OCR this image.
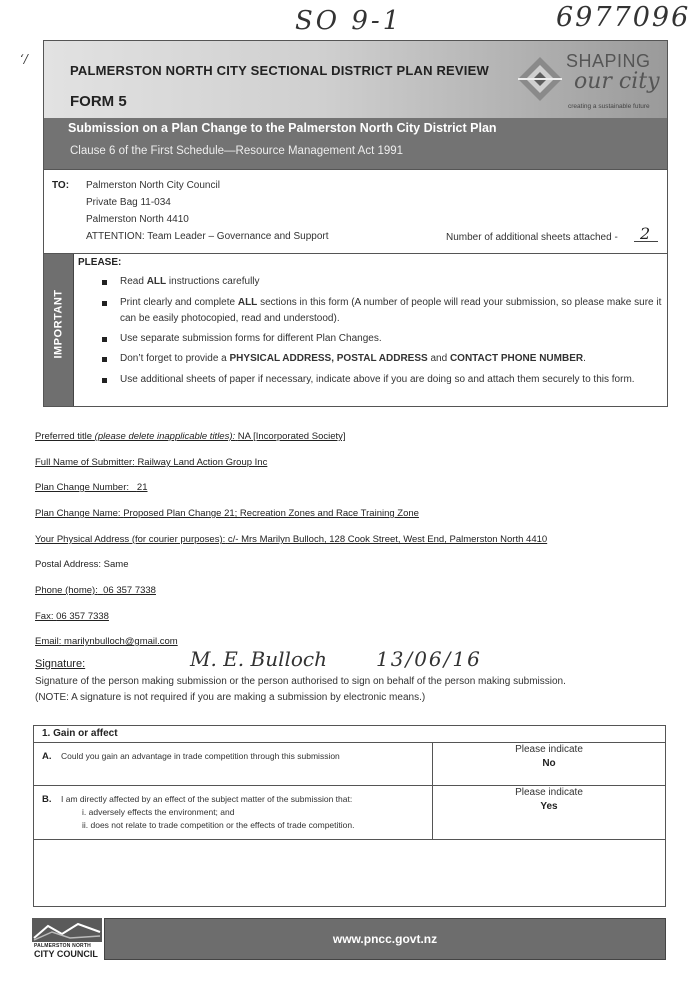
SO 9-1	6977096
ʻ/
PALMERSTON NORTH CITY SECTIONAL DISTRICT PLAN REVIEW
FORM 5
Submission on a Plan Change to the Palmerston North City District Plan
Clause 6 of the First Schedule—Resource Management Act 1991
SHAPING
our city
creating a sustainable future
TO: Palmerston North City Council
Private Bag 11-034
Palmerston North 4410
ATTENTION: Team Leader – Governance and Support	Number of additional sheets attached - 2
IMPORTANT
PLEASE:
Read ALL instructions carefully
Print clearly and complete ALL sections in this form (A number of people will read your submission, so please make sure it can be easily photocopied, read and understood).
Use separate submission forms for different Plan Changes.
Don’t forget to provide a PHYSICAL ADDRESS, POSTAL ADDRESS and CONTACT PHONE NUMBER.
Use additional sheets of paper if necessary, indicate above if you are doing so and attach them securely to this form.
Preferred title (please delete inapplicable titles): NA [Incorporated Society]
Full Name of Submitter: Railway Land Action Group Inc
Plan Change Number: 21
Plan Change Name: Proposed Plan Change 21; Recreation Zones and Race Training Zone
Your Physical Address (for courier purposes): c/- Mrs Marilyn Bulloch, 128 Cook Street, West End, Palmerston North 4410
Postal Address: Same
Phone (home): 06 357 7338
Fax: 06 357 7338
Email: marilynbulloch@gmail.com
Signature:	M. E. Bulloch 13/06/16
Signature of the person making submission or the person authorised to sign on behalf of the person making submission.
(NOTE: A signature is not required if you are making a submission by electronic means.)
1. Gain or affect
A. Could you gain an advantage in trade competition through this submission
Please indicate
No
B. I am directly affected by an effect of the subject matter of the submission that:
i. adversely effects the environment; and
ii. does not relate to trade competition or the effects of trade competition.
Please indicate
Yes
PALMERSTON NORTH
CITY COUNCIL
www.pncc.govt.nz
